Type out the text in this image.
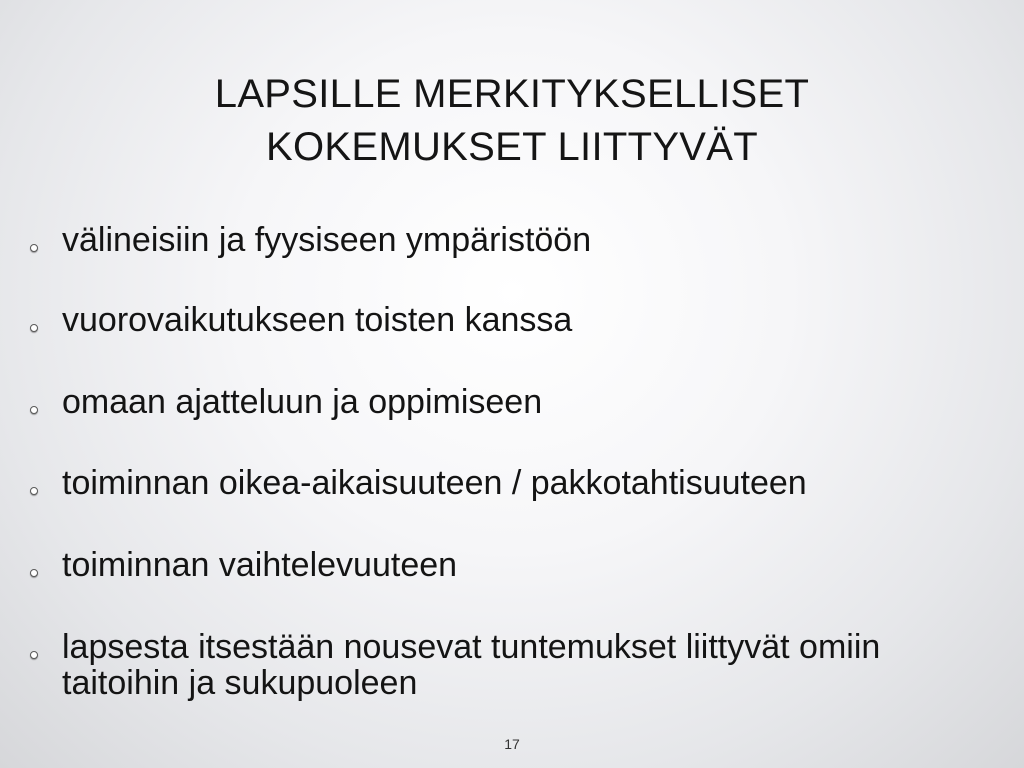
LAPSILLE MERKITYKSELLISET
KOKEMUKSET LIITTYVÄT
välineisiin ja fyysiseen ympäristöön
vuorovaikutukseen toisten kanssa
omaan ajatteluun ja oppimiseen
toiminnan oikea-aikaisuuteen / pakkotahtisuuteen
toiminnan vaihtelevuuteen
lapsesta itsestään nousevat tuntemukset liittyvät omiin taitoihin ja sukupuoleen
17
